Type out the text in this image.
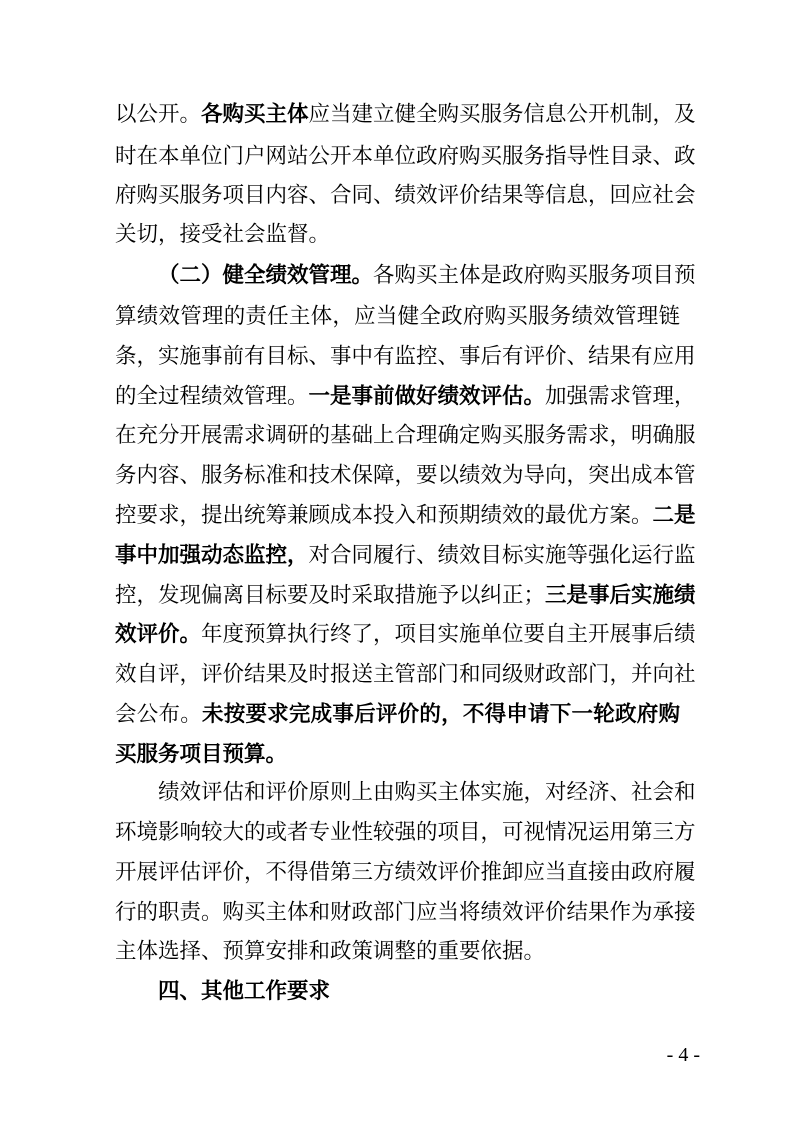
以公开。各购买主体应当建立健全购买服务信息公开机制，及
时在本单位门户网站公开本单位政府购买服务指导性目录、政
府购买服务项目内容、合同、绩效评价结果等信息，回应社会
关切，接受社会监督。
（二）健全绩效管理。各购买主体是政府购买服务项目预
算绩效管理的责任主体，应当健全政府购买服务绩效管理链
条，实施事前有目标、事中有监控、事后有评价、结果有应用
的全过程绩效管理。一是事前做好绩效评估。加强需求管理，
在充分开展需求调研的基础上合理确定购买服务需求，明确服
务内容、服务标准和技术保障，要以绩效为导向，突出成本管
控要求，提出统筹兼顾成本投入和预期绩效的最优方案。二是
事中加强动态监控，对合同履行、绩效目标实施等强化运行监
控，发现偏离目标要及时采取措施予以纠正；三是事后实施绩
效评价。年度预算执行终了，项目实施单位要自主开展事后绩
效自评，评价结果及时报送主管部门和同级财政部门，并向社
会公布。未按要求完成事后评价的，不得申请下一轮政府购
买服务项目预算。
绩效评估和评价原则上由购买主体实施，对经济、社会和
环境影响较大的或者专业性较强的项目，可视情况运用第三方
开展评估评价，不得借第三方绩效评价推卸应当直接由政府履
行的职责。购买主体和财政部门应当将绩效评价结果作为承接
主体选择、预算安排和政策调整的重要依据。
四、其他工作要求
- 4 -
